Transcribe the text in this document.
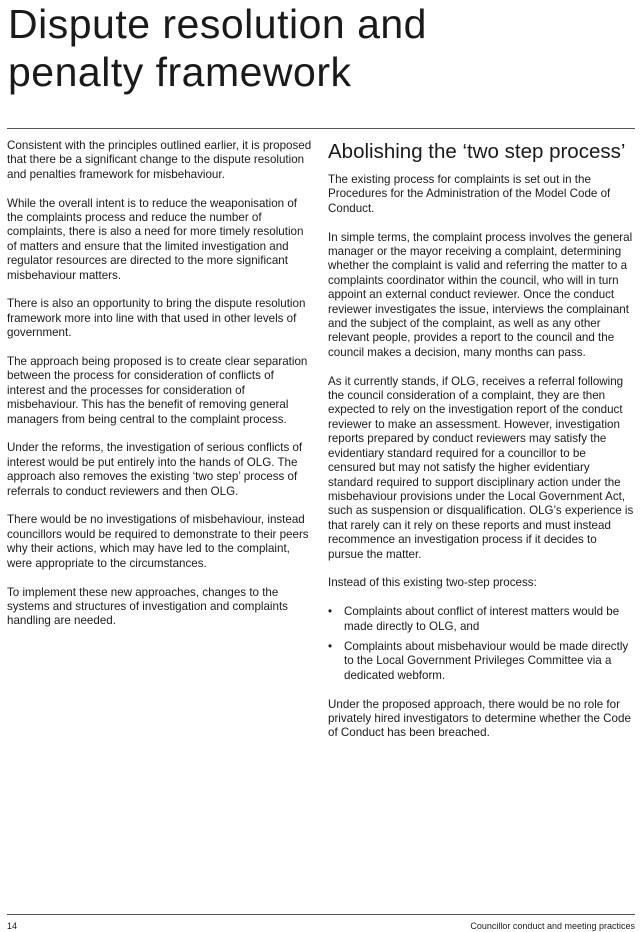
Dispute resolution and
penalty framework

Consistent with the principles outlined earlier, it is proposed that there be a significant change to the dispute resolution and penalties framework for misbehaviour.

While the overall intent is to reduce the weaponisation of the complaints process and reduce the number of complaints, there is also a need for more timely resolution of matters and ensure that the limited investigation and regulator resources are directed to the more significant misbehaviour matters.

There is also an opportunity to bring the dispute resolution framework more into line with that used in other levels of government.

The approach being proposed is to create clear separation between the process for consideration of conflicts of interest and the processes for consideration of misbehaviour. This has the benefit of removing general managers from being central to the complaint process.

Under the reforms, the investigation of serious conflicts of interest would be put entirely into the hands of OLG. The approach also removes the existing ‘two step’ process of referrals to conduct reviewers and then OLG.

There would be no investigations of misbehaviour, instead councillors would be required to demonstrate to their peers why their actions, which may have led to the complaint, were appropriate to the circumstances.

To implement these new approaches, changes to the systems and structures of investigation and complaints handling are needed.

Abolishing the ‘two step process’

The existing process for complaints is set out in the Procedures for the Administration of the Model Code of Conduct.

In simple terms, the complaint process involves the general manager or the mayor receiving a complaint, determining whether the complaint is valid and referring the matter to a complaints coordinator within the council, who will in turn appoint an external conduct reviewer. Once the conduct reviewer investigates the issue, interviews the complainant and the subject of the complaint, as well as any other relevant people, provides a report to the council and the council makes a decision, many months can pass.

As it currently stands, if OLG, receives a referral following the council consideration of a complaint, they are then expected to rely on the investigation report of the conduct reviewer to make an assessment. However, investigation reports prepared by conduct reviewers may satisfy the evidentiary standard required for a councillor to be censured but may not satisfy the higher evidentiary standard required to support disciplinary action under the misbehaviour provisions under the Local Government Act, such as suspension or disqualification. OLG’s experience is that rarely can it rely on these reports and must instead recommence an investigation process if it decides to pursue the matter.

Instead of this existing two-step process:

• Complaints about conflict of interest matters would be made directly to OLG, and
• Complaints about misbehaviour would be made directly to the Local Government Privileges Committee via a dedicated webform.

Under the proposed approach, there would be no role for privately hired investigators to determine whether the Code of Conduct has been breached.

14	Councillor conduct and meeting practices
